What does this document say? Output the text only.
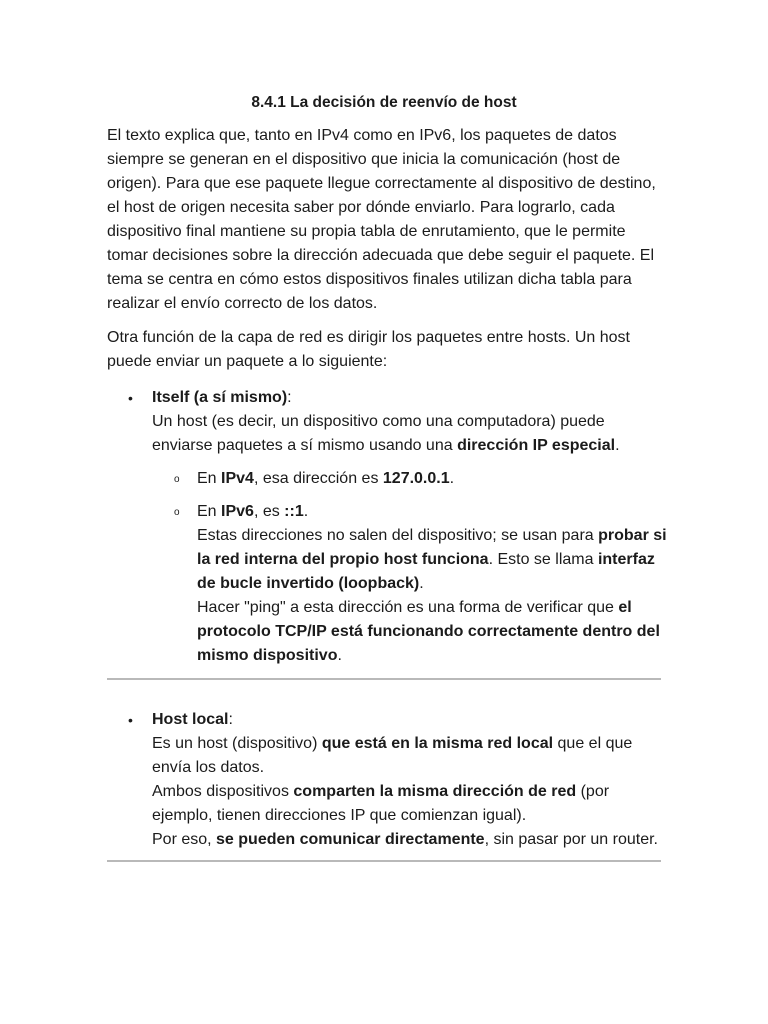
8.4.1 La decisión de reenvío de host

El texto explica que, tanto en IPv4 como en IPv6, los paquetes de datos siempre se generan en el dispositivo que inicia la comunicación (host de origen). Para que ese paquete llegue correctamente al dispositivo de destino, el host de origen necesita saber por dónde enviarlo. Para lograrlo, cada dispositivo final mantiene su propia tabla de enrutamiento, que le permite tomar decisiones sobre la dirección adecuada que debe seguir el paquete. El tema se centra en cómo estos dispositivos finales utilizan dicha tabla para realizar el envío correcto de los datos.

Otra función de la capa de red es dirigir los paquetes entre hosts. Un host puede enviar un paquete a lo siguiente:

• Itself (a sí mismo):
Un host (es decir, un dispositivo como una computadora) puede
enviarse paquetes a sí mismo usando una dirección IP especial.
o En IPv4, esa dirección es 127.0.0.1.
o En IPv6, es ::1.
Estas direcciones no salen del dispositivo; se usan para probar si
la red interna del propio host funciona. Esto se llama interfaz
de bucle invertido (loopback).
Hacer "ping" a esta dirección es una forma de verificar que el
protocolo TCP/IP está funcionando correctamente dentro del
mismo dispositivo.
• Host local:
Es un host (dispositivo) que está en la misma red local que el que
envía los datos.
Ambos dispositivos comparten la misma dirección de red (por
ejemplo, tienen direcciones IP que comienzan igual).
Por eso, se pueden comunicar directamente, sin pasar por un router.
